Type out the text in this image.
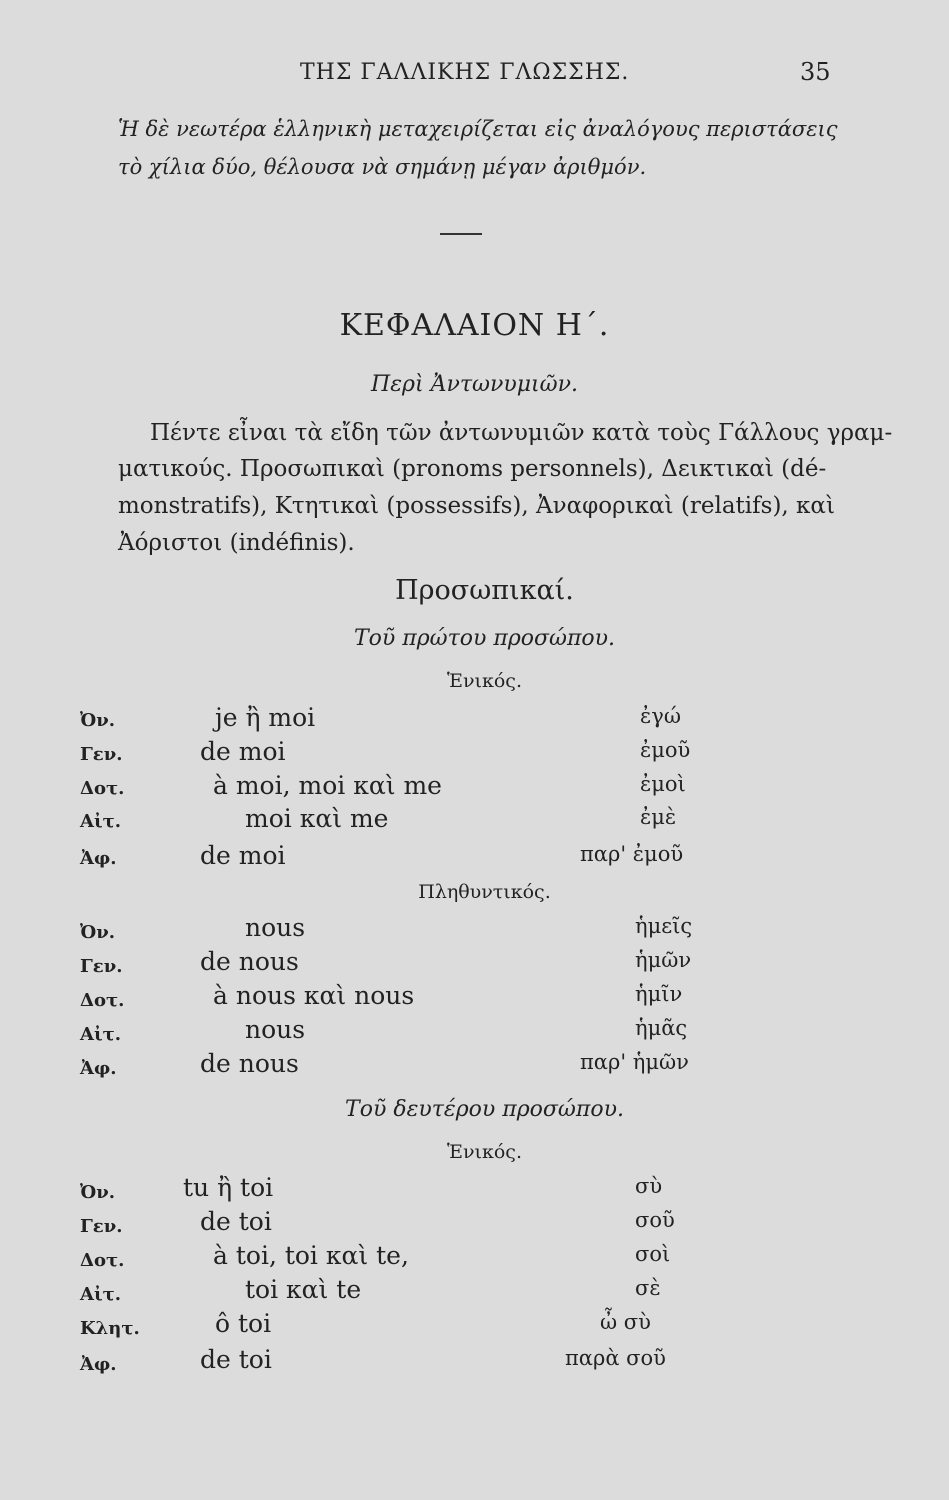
ΤΗΣ ΓΑΛΛΙΚΗΣ ΓΛΩΣΣΗΣ.	35
Ἡ δὲ νεωτέρα ἑλληνικὴ μεταχειρίζεται εἰς ἀναλόγους περιστάσεις
τὸ χίλια δύο, θέλουσα νὰ σημάνῃ μέγαν ἀριθμόν.
ΚΕΦΑΛΑΙΟΝ Η΄.
Περὶ Ἀντωνυμιῶν.
Πέντε εἶναι τὰ εἴδη τῶν ἀντωνυμιῶν κατὰ τοὺς Γάλλους γραμ-
ματικούς. Προσωπικαὶ (pronoms personnels), Δεικτικαὶ (dé-
monstratifs), Κτητικαὶ (possessifs), Ἀναφορικαὶ (relatifs), καὶ
Ἀόριστοι (indéfinis).
Προσωπικαί.
Τοῦ πρώτου προσώπου.
Ἑνικός.
Ὀν.	je ἢ moi	ἐγώ
Γεν.	de moi	ἐμοῦ
Δοτ.	à moi, moi καὶ me	ἐμοὶ
Αἰτ.	moi καὶ me	ἐμὲ
Ἀφ.	de moi	παρ' ἐμοῦ
Πληθυντικός.
Ὀν.	nous	ἡμεῖς
Γεν.	de nous	ἡμῶν
Δοτ.	à nous καὶ nous	ἡμῖν
Αἰτ.	nous	ἡμᾶς
Ἀφ.	de nous	παρ' ἡμῶν
Τοῦ δευτέρου προσώπου.
Ἑνικός.
Ὀν.	tu ἢ toi	σὺ
Γεν.	de toi	σοῦ
Δοτ.	à toi, toi καὶ te,	σοὶ
Αἰτ.	toi καὶ te	σὲ
Κλητ.	ô toi	ὦ σὺ
Ἀφ.	de toi	παρὰ σοῦ
